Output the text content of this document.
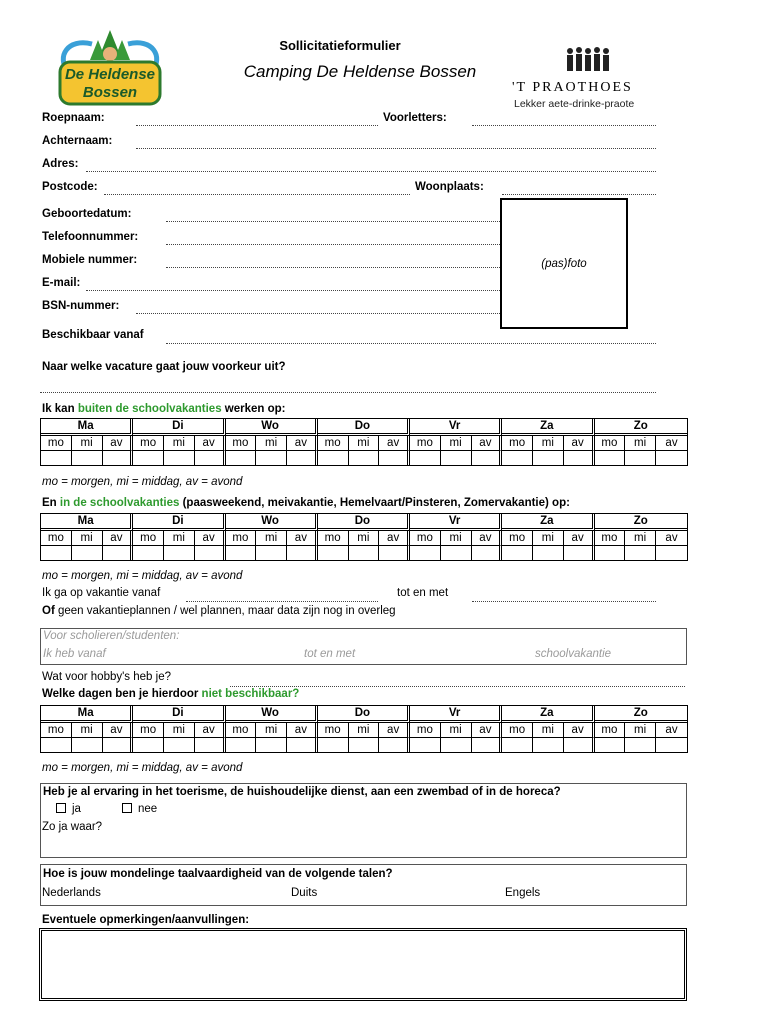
De Heldense
Bossen
Sollicitatieformulier
Camping De Heldense Bossen
'T PRAOTHOES
Lekker aete-drinke-praote
Roepnaam:	Voorletters:
Achternaam:
Adres:
Postcode:	Woonplaats:
Geboortedatum:
Telefoonnummer:
Mobiele nummer:
E-mail:
BSN-nummer:
(pas)foto
Beschikbaar vanaf
Naar welke vacature gaat jouw voorkeur uit?
Ik kan buiten de schoolvakanties werken op:
Ma			Di			Wo			Do			Vr			Za			Zo		
mo	mi	av	mo	mi	av	mo	mi	av	mo	mi	av	mo	mi	av	mo	mi	av	mo	mi	av

mo = morgen, mi = middag, av = avond
En in de schoolvakanties (paasweekend, meivakantie, Hemelvaart/Pinsteren, Zomervakantie) op:
Ma			Di			Wo			Do			Vr			Za			Zo		
mo	mi	av	mo	mi	av	mo	mi	av	mo	mi	av	mo	mi	av	mo	mi	av	mo	mi	av

mo = morgen, mi = middag, av = avond
Ik ga op vakantie vanaf	tot en met
Of geen vakantieplannen / wel plannen, maar data zijn nog in overleg
Voor scholieren/studenten:
Ik heb vanaf	tot en met	schoolvakantie
Wat voor hobby's heb je?
Welke dagen ben je hierdoor niet beschikbaar?
Ma			Di			Wo			Do			Vr			Za			Zo		
mo	mi	av	mo	mi	av	mo	mi	av	mo	mi	av	mo	mi	av	mo	mi	av	mo	mi	av

mo = morgen, mi = middag, av = avond
Heb je al ervaring in het toerisme, de huishoudelijke dienst, aan een zwembad of in de horeca?
ja	nee
Zo ja waar?
Hoe is jouw mondelinge taalvaardigheid van de volgende talen?
Nederlands	Duits	Engels
Eventuele opmerkingen/aanvullingen:
